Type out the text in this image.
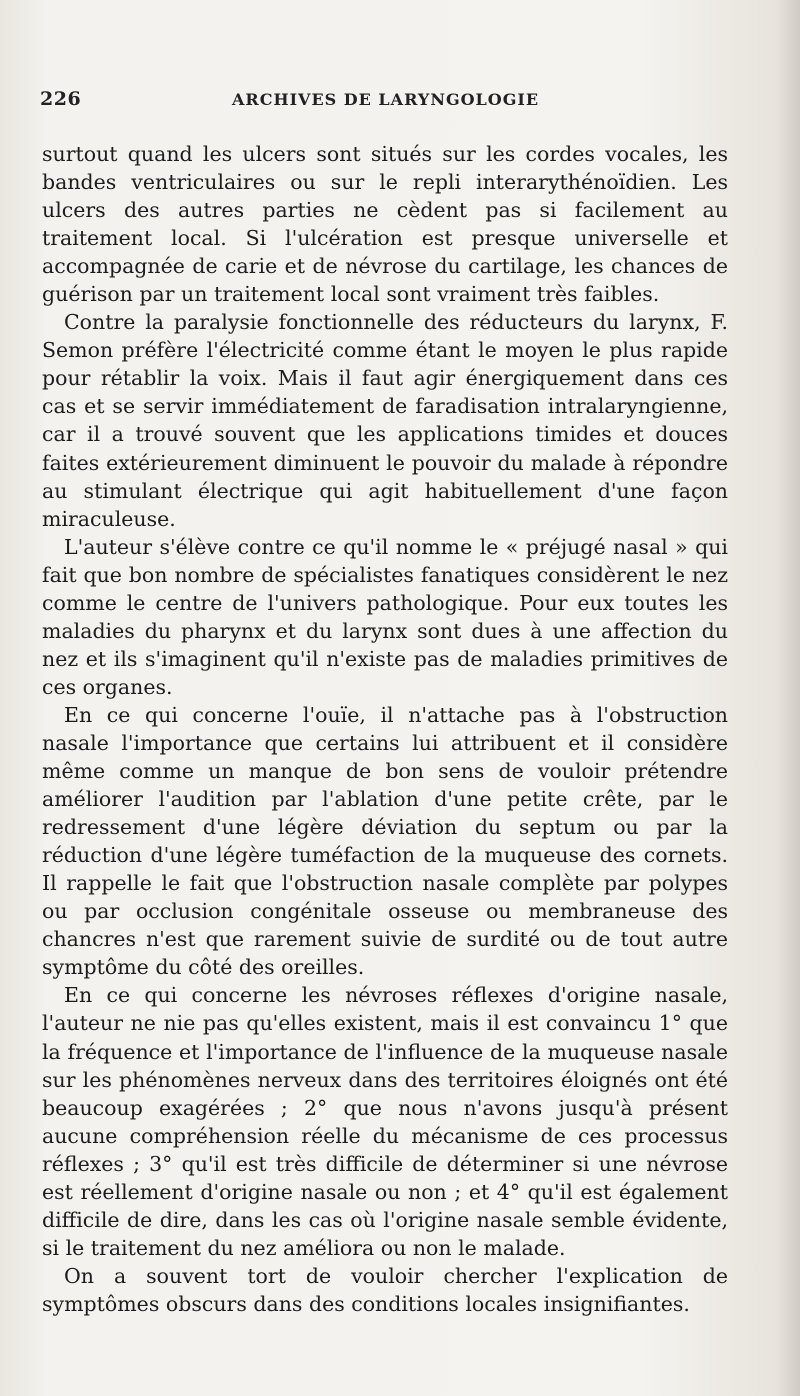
226	ARCHIVES DE LARYNGOLOGIE

surtout quand les ulcers sont situés sur les cordes vocales, les bandes ventriculaires ou sur le repli interarythénoïdien. Les ulcers des autres parties ne cèdent pas si facilement au traitement local. Si l'ulcération est presque universelle et accompagnée de carie et de névrose du cartilage, les chances de guérison par un traitement local sont vraiment très faibles.

Contre la paralysie fonctionnelle des réducteurs du larynx, F. Semon préfère l'électricité comme étant le moyen le plus rapide pour rétablir la voix. Mais il faut agir énergiquement dans ces cas et se servir immédiatement de faradisation intralaryngienne, car il a trouvé souvent que les applications timides et douces faites extérieurement diminuent le pouvoir du malade à répondre au stimulant électrique qui agit habituellement d'une façon miraculeuse.

L'auteur s'élève contre ce qu'il nomme le « préjugé nasal » qui fait que bon nombre de spécialistes fanatiques considèrent le nez comme le centre de l'univers pathologique. Pour eux toutes les maladies du pharynx et du larynx sont dues à une affection du nez et ils s'imaginent qu'il n'existe pas de maladies primitives de ces organes.

En ce qui concerne l'ouïe, il n'attache pas à l'obstruction nasale l'importance que certains lui attribuent et il considère même comme un manque de bon sens de vouloir prétendre améliorer l'audition par l'ablation d'une petite crête, par le redressement d'une légère déviation du septum ou par la réduction d'une légère tuméfaction de la muqueuse des cornets. Il rappelle le fait que l'obstruction nasale complète par polypes ou par occlusion congénitale osseuse ou membraneuse des chancres n'est que rarement suivie de surdité ou de tout autre symptôme du côté des oreilles.

En ce qui concerne les névroses réflexes d'origine nasale, l'auteur ne nie pas qu'elles existent, mais il est convaincu 1° que la fréquence et l'importance de l'influence de la muqueuse nasale sur les phénomènes nerveux dans des territoires éloignés ont été beaucoup exagérées ; 2° que nous n'avons jusqu'à présent aucune compréhension réelle du mécanisme de ces processus réflexes ; 3° qu'il est très difficile de déterminer si une névrose est réellement d'origine nasale ou non ; et 4° qu'il est également difficile de dire, dans les cas où l'origine nasale semble évidente, si le traitement du nez améliora ou non le malade.

On a souvent tort de vouloir chercher l'explication de symptômes obscurs dans des conditions locales insignifiantes.
